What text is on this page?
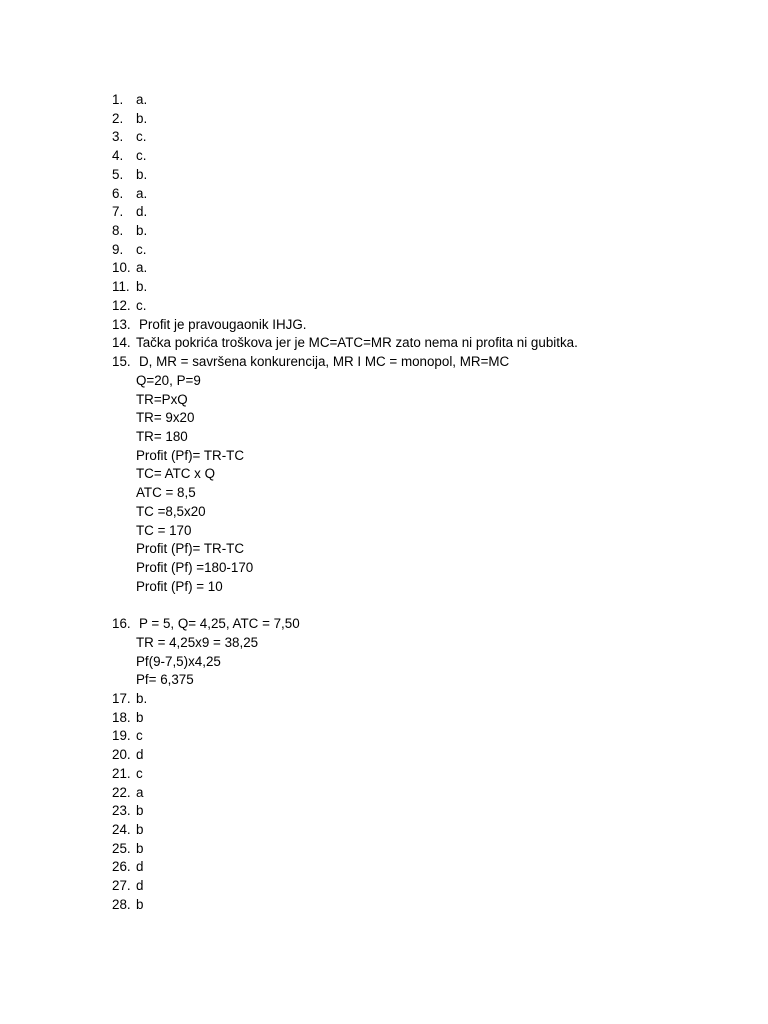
1. a.
2. b.
3. c.
4. c.
5. b.
6. a.
7. d.
8. b.
9. c.
10. a.
11. b.
12. c.
13. Profit je pravougaonik IHJG.
14. Tačka pokrića troškova jer je MC=ATC=MR zato nema ni profita ni gubitka.
15. D, MR = savršena konkurencija, MR I MC = monopol, MR=MC
Q=20, P=9
TR=PxQ
TR= 9x20
TR= 180
Profit (Pf)= TR-TC
TC= ATC x Q
ATC = 8,5
TC =8,5x20
TC = 170
Profit (Pf)= TR-TC
Profit (Pf) =180-170
Profit (Pf) = 10
16. P = 5, Q= 4,25, ATC = 7,50
TR = 4,25x9 = 38,25
Pf(9-7,5)x4,25
Pf= 6,375
17. b.
18. b
19. c
20. d
21. c
22. a
23. b
24. b
25. b
26. d
27. d
28. b
